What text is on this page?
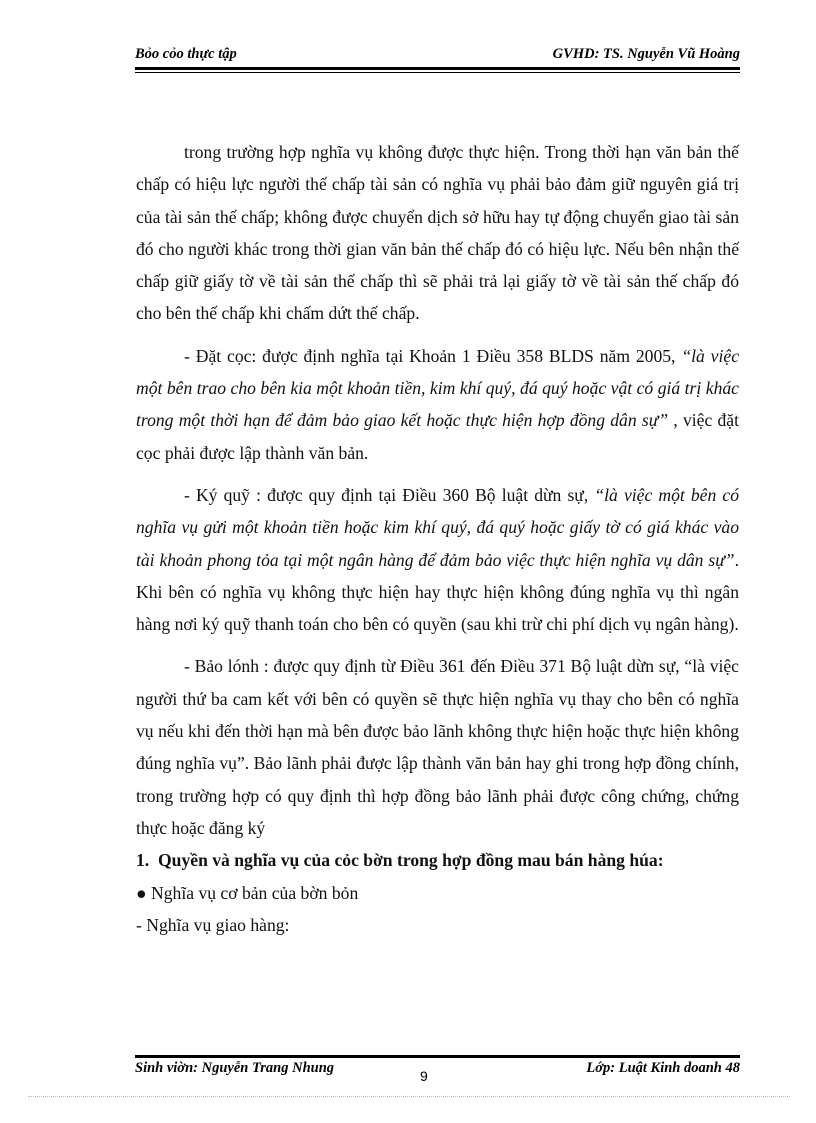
Bỏo cỏo thực tập	GVHD: TS. Nguyễn Vũ Hoàng

trong trường hợp nghĩa vụ không được thực hiện. Trong thời hạn văn bản thế chấp có hiệu lực người thế chấp tài sản có nghĩa vụ phải bảo đảm giữ nguyên giá trị của tài sản thế chấp; không được chuyển dịch sở hữu hay tự động chuyển giao tài sản đó cho người khác trong thời gian văn bản thế chấp đó có hiệu lực. Nếu bên nhận thế chấp giữ giấy tờ về tài sản thế chấp thì sẽ phải trả lại giấy tờ về tài sản thế chấp đó cho bên thế chấp khi chấm dứt thế chấp.

- Đặt cọc: được định nghĩa tại Khoản 1 Điều 358 BLDS năm 2005, “là việc một bên trao cho bên kia một khoản tiền, kim khí quý, đá quý hoặc vật có giá trị khác trong một thời hạn để đảm bảo giao kết hoặc thực hiện hợp đồng dân sự” , việc đặt cọc phải được lập thành văn bản.

- Ký quỹ : được quy định tại Điều 360 Bộ luật dừn sự, “là việc một bên có nghĩa vụ gửi một khoản tiền hoặc kim khí quý, đá quý hoặc giấy tờ có giá khác vào tài khoản phong tỏa tại một ngân hàng để đảm bảo việc thực hiện nghĩa vụ dân sự”. Khi bên có nghĩa vụ không thực hiện hay thực hiện không đúng nghĩa vụ thì ngân hàng nơi ký quỹ thanh toán cho bên có quyền (sau khi trừ chi phí dịch vụ ngân hàng).

- Bảo lónh : được quy định từ Điều 361 đến Điều 371 Bộ luật dừn sự, “là việc người thứ ba cam kết với bên có quyền sẽ thực hiện nghĩa vụ thay cho bên có nghĩa vụ nếu khi đến thời hạn mà bên được bảo lãnh không thực hiện hoặc thực hiện không đúng nghĩa vụ”. Bảo lãnh phải được lập thành văn bản hay ghi trong hợp đồng chính, trong trường hợp có quy định thì hợp đồng bảo lãnh phải được công chứng, chứng thực hoặc đăng ký

1. Quyền và nghĩa vụ của cỏc bờn trong hợp đồng mau bán hàng húa:

● Nghĩa vụ cơ bản của bờn bỏn

- Nghĩa vụ giao hàng:

Sinh viờn: Nguyễn Trang Nhung	Lớp: Luật Kinh doanh 48
9
